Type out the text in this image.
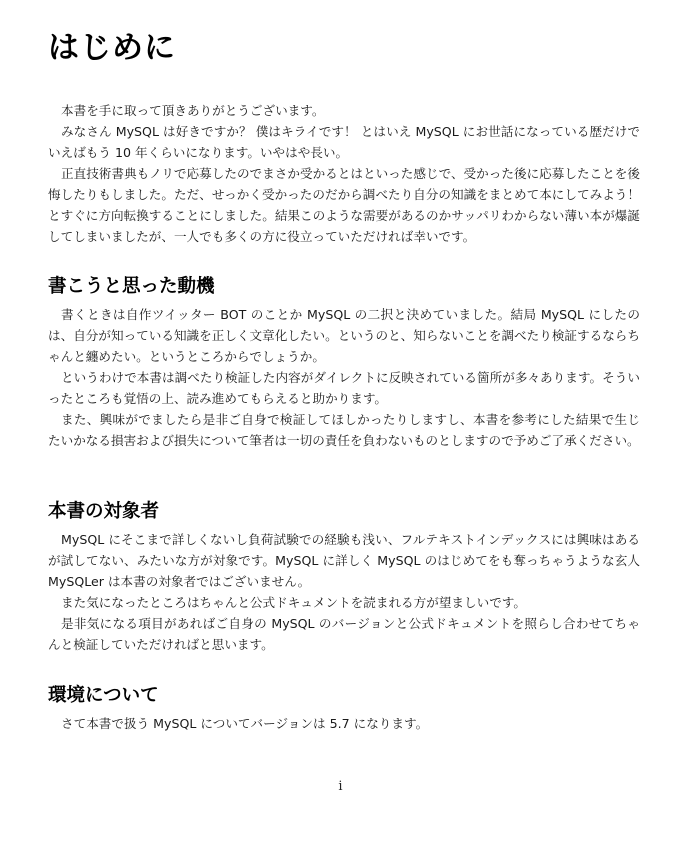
はじめに

本書を手に取って頂きありがとうございます。

みなさん MySQL は好きですか？ 僕はキライです！ とはいえ MySQL にお世話になっている歴だけでいえばもう 10 年くらいになります。いやはや長い。

正直技術書典もノリで応募したのでまさか受かるとはといった感じで、受かった後に応募したことを後悔したりもしました。ただ、せっかく受かったのだから調べたり自分の知識をまとめて本にしてみよう！ とすぐに方向転換することにしました。結果このような需要があるのかサッパリわからない薄い本が爆誕してしまいましたが、一人でも多くの方に役立っていただければ幸いです。

書こうと思った動機

書くときは自作ツイッター BOT のことか MySQL の二択と決めていました。結局 MySQL にしたのは、自分が知っている知識を正しく文章化したい。というのと、知らないことを調べたり検証するならちゃんと纏めたい。というところからでしょうか。

というわけで本書は調べたり検証した内容がダイレクトに反映されている箇所が多々あります。そういったところも覚悟の上、読み進めてもらえると助かります。

また、興味がでましたら是非ご自身で検証してほしかったりしますし、本書を参考にした結果で生じたいかなる損害および損失について筆者は一切の責任を負わないものとしますので予めご了承ください。

本書の対象者

MySQL にそこまで詳しくないし負荷試験での経験も浅い、フルテキストインデックスには興味はあるが試してない、みたいな方が対象です。MySQL に詳しく MySQL のはじめてをも奪っちゃうような玄人 MySQLer は本書の対象者ではございません。

また気になったところはちゃんと公式ドキュメントを読まれる方が望ましいです。

是非気になる項目があればご自身の MySQL のバージョンと公式ドキュメントを照らし合わせてちゃんと検証していただければと思います。

環境について

さて本書で扱う MySQL についてバージョンは 5.7 になります。

i
